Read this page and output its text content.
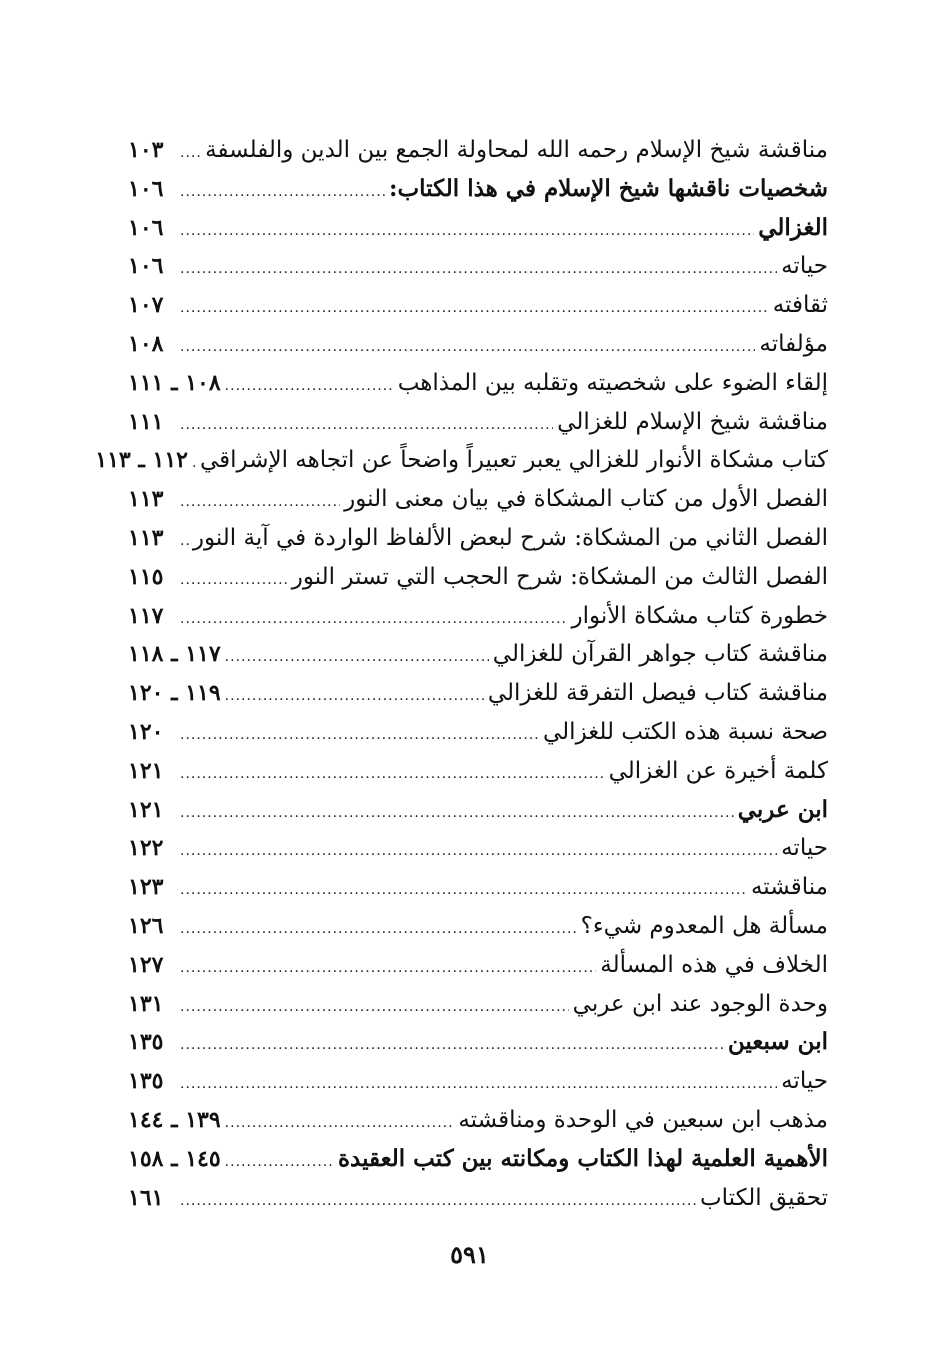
مناقشة شيخ الإسلام رحمه الله لمحاولة الجمع بين الدين والفلسفة
.....
١٠٣
شخصيات ناقشها شيخ الإسلام في هذا الكتاب:
.....
١٠٦
الغزالي
.....
١٠٦
حياته
.....
١٠٦
ثقافته
.....
١٠٧
مؤلفاته
.....
١٠٨
إلقاء الضوء على شخصيته وتقلبه بين المذاهب
.....
١٠٨ ـ ١١١
مناقشة شيخ الإسلام للغزالي
.....
١١١
كتاب مشكاة الأنوار للغزالي يعبر تعبيراً واضحاً عن اتجاهه الإشراقي
.....
١١٢ ـ ١١٣
الفصل الأول من كتاب المشكاة في بيان معنى النور
.....
١١٣
الفصل الثاني من المشكاة: شرح لبعض الألفاظ الواردة في آية النور
.....
١١٣
الفصل الثالث من المشكاة: شرح الحجب التي تستر النور
.....
١١٥
خطورة كتاب مشكاة الأنوار
.....
١١٧
مناقشة كتاب جواهر القرآن للغزالي
.....
١١٧ ـ ١١٨
مناقشة كتاب فيصل التفرقة للغزالي
.....
١١٩ ـ ١٢٠
صحة نسبة هذه الكتب للغزالي
.....
١٢٠
كلمة أخيرة عن الغزالي
.....
١٢١
ابن عربي
.....
١٢١
حياته
.....
١٢٢
مناقشته
.....
١٢٣
مسألة هل المعدوم شيء؟
.....
١٢٦
الخلاف في هذه المسألة
.....
١٢٧
وحدة الوجود عند ابن عربي
.....
١٣١
ابن سبعين
.....
١٣٥
حياته
.....
١٣٥
مذهب ابن سبعين في الوحدة ومناقشته
.....
١٣٩ ـ ١٤٤
الأهمية العلمية لهذا الكتاب ومكانته بين كتب العقيدة
.....
١٤٥ ـ ١٥٨
تحقيق الكتاب
.....
١٦١
٥٩١
